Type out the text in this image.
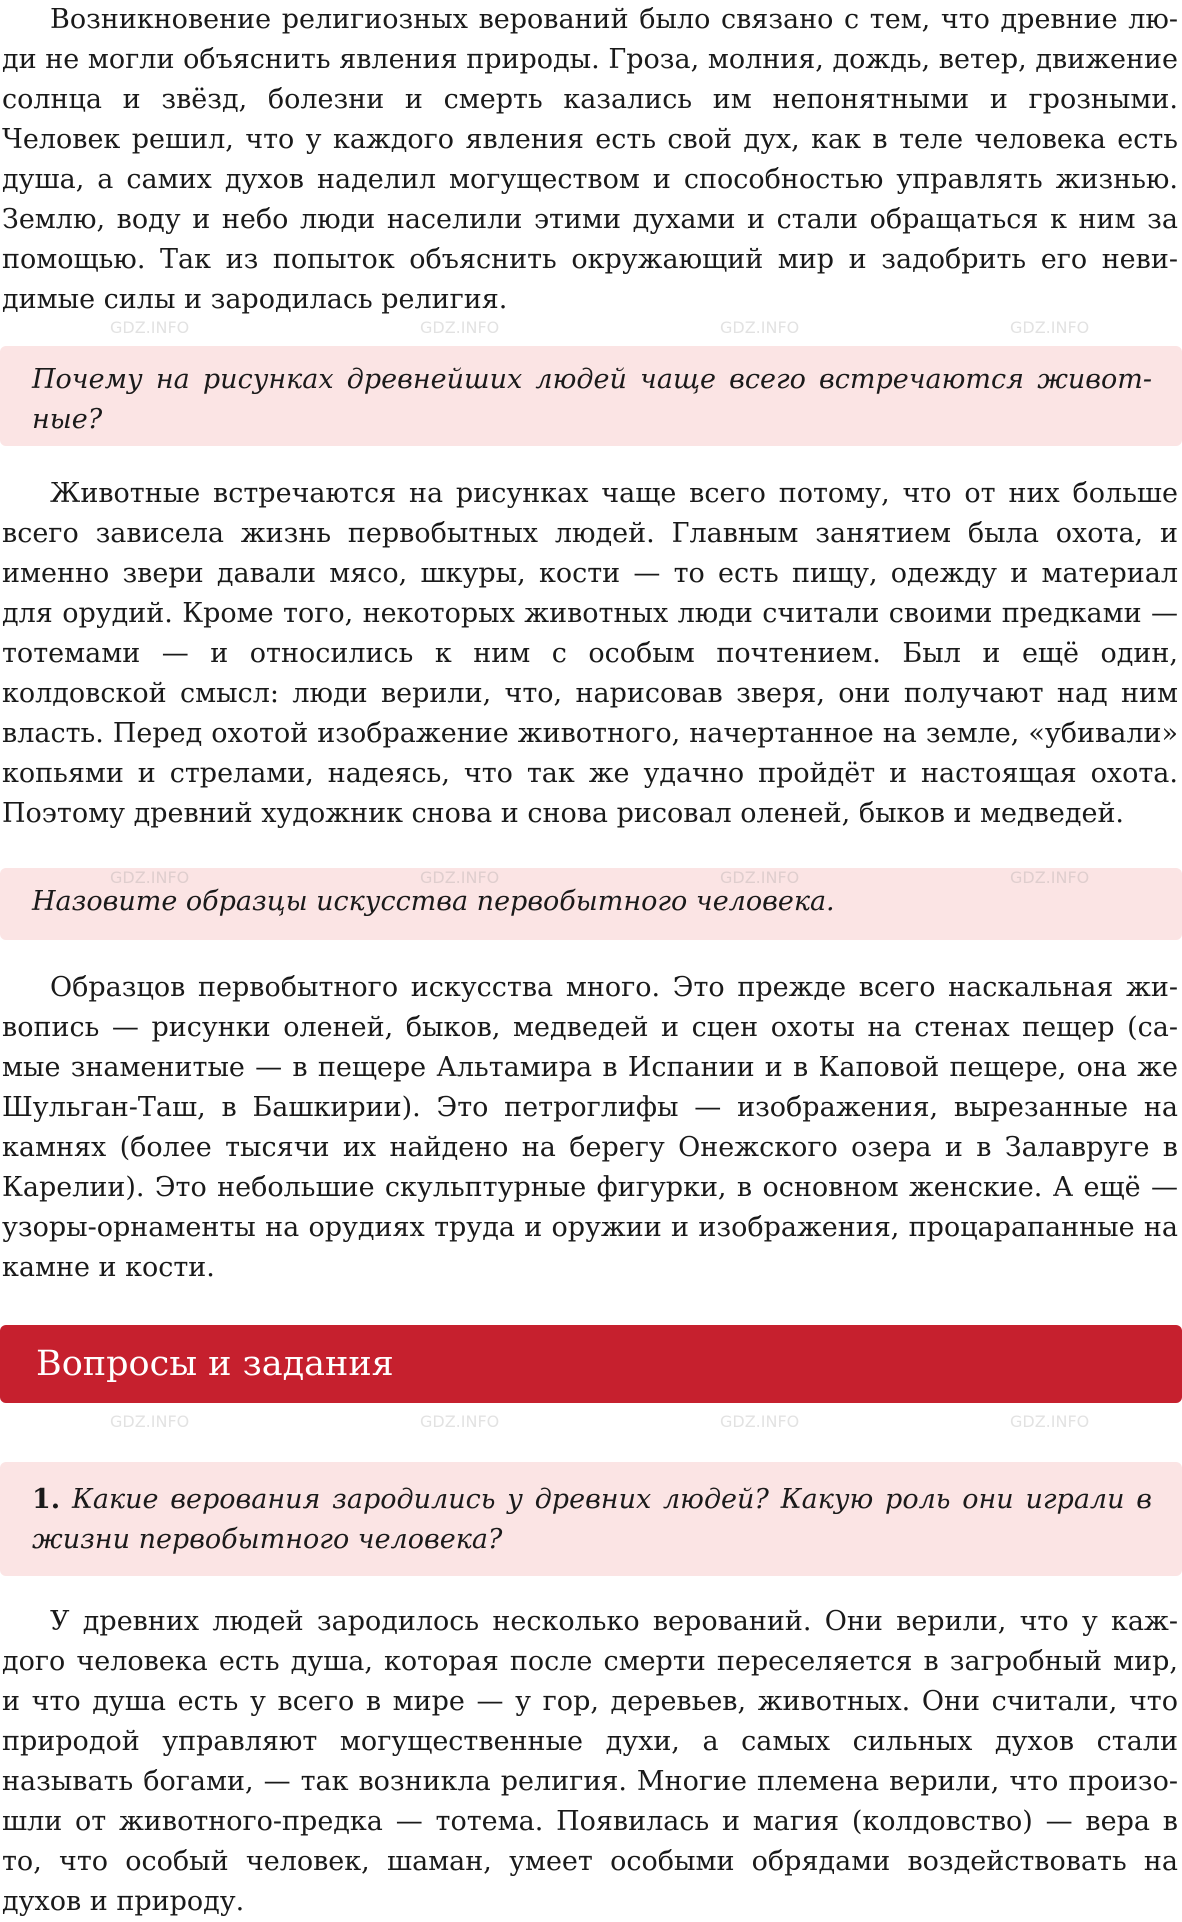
Возникновение религиозных верований было связано с тем, что древние люди не могли объяснить явления природы. Гроза, молния, дождь, ветер, движение солнца и звёзд, болезни и смерть казались им непонятными и грозными. Человек решил, что у каждого явления есть свой дух, как в теле человека есть душа, а самих духов наделил могуществом и способностью управлять жизнью. Землю, воду и небо люди населили этими духами и стали обращаться к ним за помощью. Так из попыток объяснить окружающий мир и задобрить его невидимые силы и зародилась религия.

Почему на рисунках древнейших людей чаще всего встречаются животные?

Животные встречаются на рисунках чаще всего потому, что от них больше всего зависела жизнь первобытных людей. Главным занятием была охота, и именно звери давали мясо, шкуры, кости — то есть пищу, одежду и материал для орудий. Кроме того, некоторых животных люди считали своими предками — тотемами — и относились к ним с особым почтением. Был и ещё один, колдовской смысл: люди верили, что, нарисовав зверя, они получают над ним власть. Перед охотой изображение животного, начертанное на земле, «убивали» копьями и стрелами, надеясь, что так же удачно пройдёт и настоящая охота. Поэтому древний художник снова и снова рисовал оленей, быков и медведей.

Назовите образцы искусства первобытного человека.

Образцов первобытного искусства много. Это прежде всего наскальная живопись — рисунки оленей, быков, медведей и сцен охоты на стенах пещер (самые знаменитые — в пещере Альтамира в Испании и в Каповой пещере, она же Шульган-Таш, в Башкирии). Это петроглифы — изображения, вырезанные на камнях (более тысячи их найдено на берегу Онежского озера и в Залавруге в Карелии). Это небольшие скульптурные фигурки, в основном женские. А ещё — узоры-орнаменты на орудиях труда и оружии и изображения, процарапанные на камне и кости.

Вопросы и задания
1. Какие верования зародились у древних людей? Какую роль они играли в жизни первобытного человека?

У древних людей зародилось несколько верований. Они верили, что у каждого человека есть душа, которая после смерти переселяется в загробный мир, и что душа есть у всего в мире — у гор, деревьев, животных. Они считали, что природой управляют могущественные духи, а самых сильных духов стали называть богами, — так возникла религия. Многие племена верили, что произошли от животного-предка — тотема. Появилась и магия (колдовство) — вера в то, что особый человек, шаман, умеет особыми обрядами воздействовать на духов и природу.

GDZ.INFO	GDZ.INFO	GDZ.INFO	GDZ.INFO
GDZ.INFO	GDZ.INFO	GDZ.INFO	GDZ.INFO
GDZ.INFO	GDZ.INFO	GDZ.INFO	GDZ.INFO
